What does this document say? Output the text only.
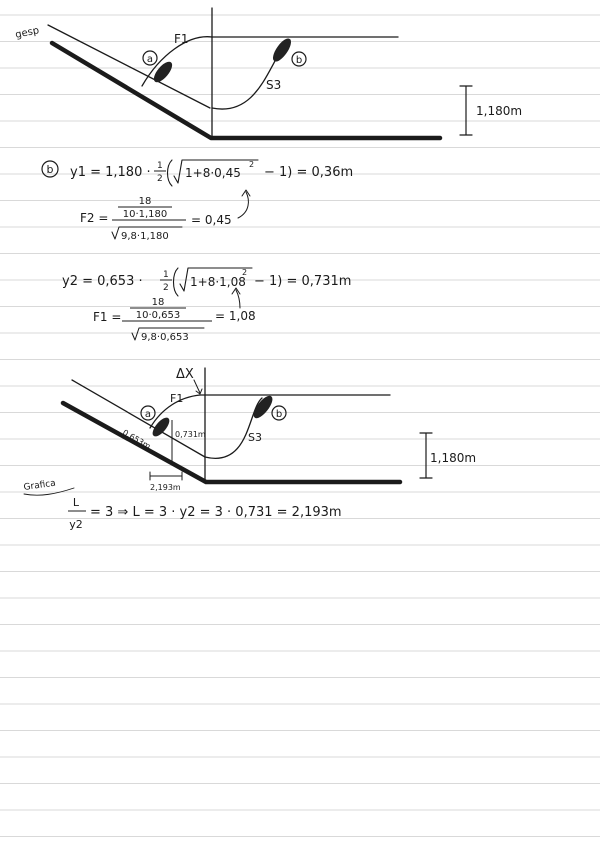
a	b
F1
S3
gesp
1,180m
b y1 = 1,180 · 1
2 1+8·0,45
2
− 1) = 0,36m
F2 =
18
10·1,180
9,8·1,180
= 0,45
y2 = 0,653 · 1
2 1+8·1,08
2
− 1) = 0,731m
F1 =
18
10·0,653
9,8·0,653
= 1,08
a	b
ΔX
F1
S3
0,653m	0,731m
2,193m
1,180m
Grafica
L
y2
= 3 ⇒ L = 3 · y2 = 3 · 0,731 = 2,193m
